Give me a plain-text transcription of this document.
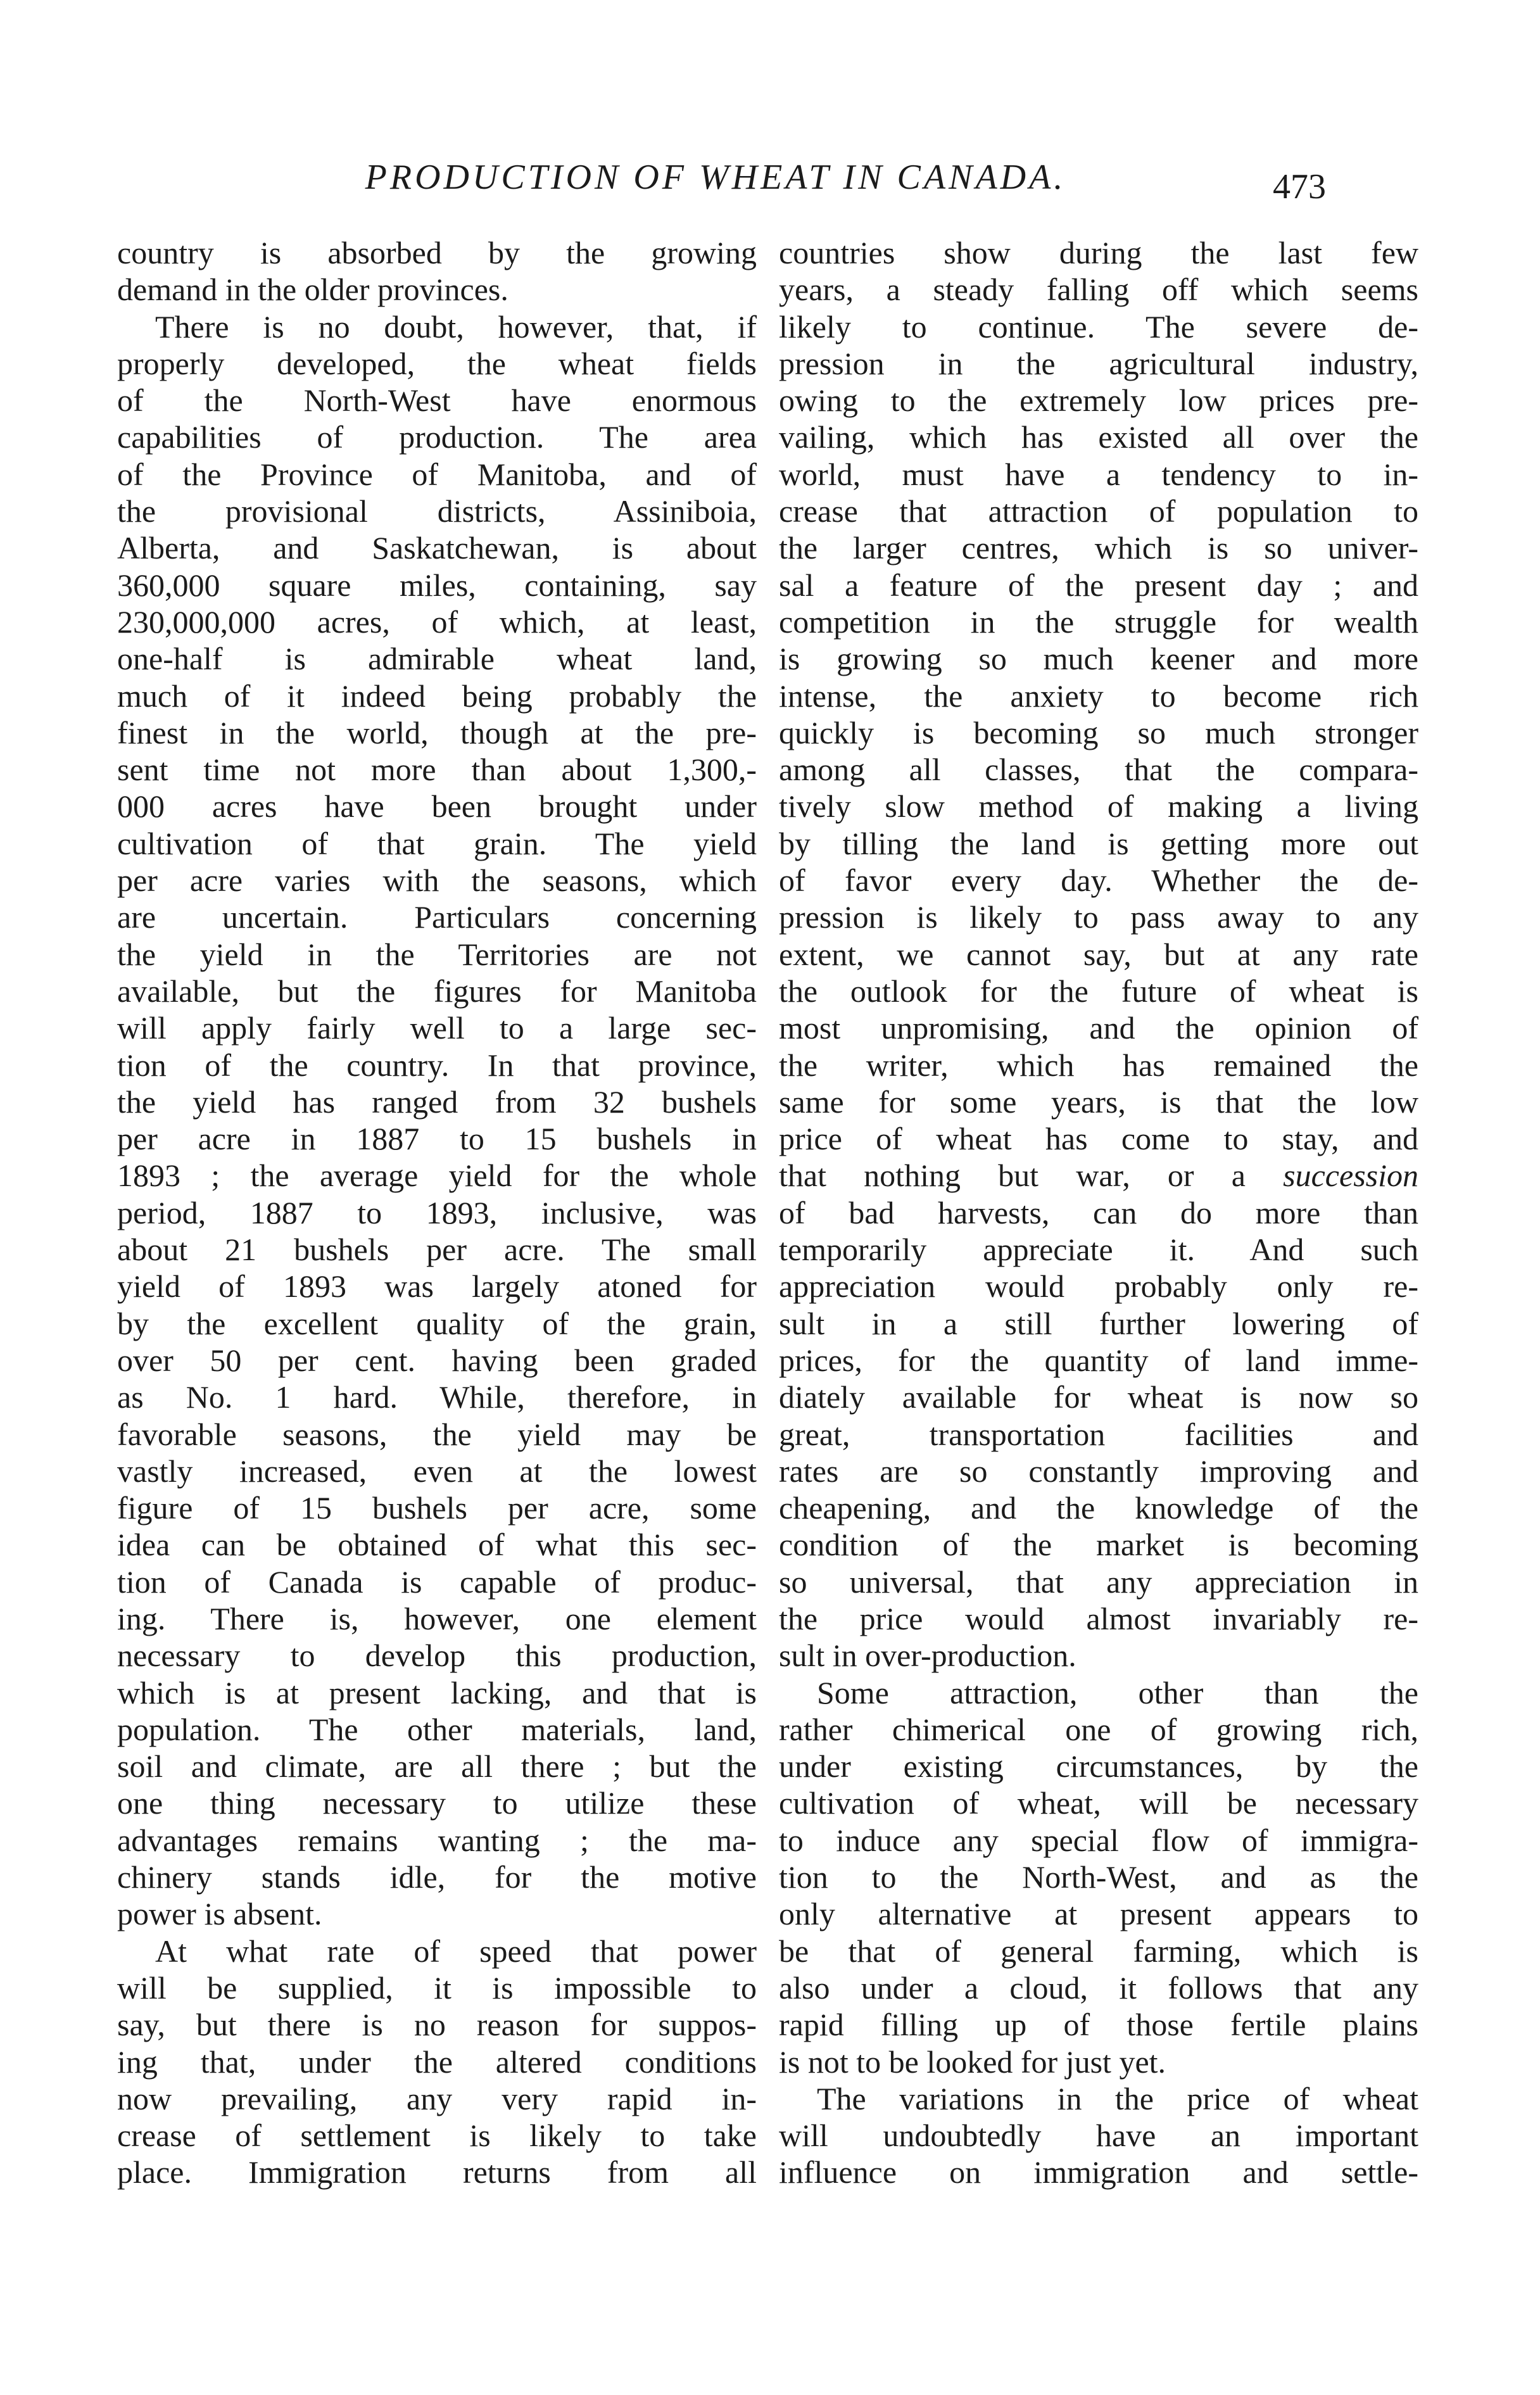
PRODUCTION OF WHEAT IN CANADA.	473
country is absorbed by the growing
demand in the older provinces.
There is no doubt, however, that, if
properly developed, the wheat fields
of the North-West have enormous
capabilities of production. The area
of the Province of Manitoba, and of
the provisional districts, Assiniboia,
Alberta, and Saskatchewan, is about
360,000 square miles, containing, say
230,000,000 acres, of which, at least,
one-half is admirable wheat land,
much of it indeed being probably the
finest in the world, though at the pre-
sent time not more than about 1,300,-
000 acres have been brought under
cultivation of that grain. The yield
per acre varies with the seasons, which
are uncertain. Particulars concerning
the yield in the Territories are not
available, but the figures for Manitoba
will apply fairly well to a large sec-
tion of the country. In that province,
the yield has ranged from 32 bushels
per acre in 1887 to 15 bushels in
1893 ; the average yield for the whole
period, 1887 to 1893, inclusive, was
about 21 bushels per acre. The small
yield of 1893 was largely atoned for
by the excellent quality of the grain,
over 50 per cent. having been graded
as No. 1 hard. While, therefore, in
favorable seasons, the yield may be
vastly increased, even at the lowest
figure of 15 bushels per acre, some
idea can be obtained of what this sec-
tion of Canada is capable of produc-
ing. There is, however, one element
necessary to develop this production,
which is at present lacking, and that is
population. The other materials, land,
soil and climate, are all there ; but the
one thing necessary to utilize these
advantages remains wanting ; the ma-
chinery stands idle, for the motive
power is absent.
At what rate of speed that power
will be supplied, it is impossible to
say, but there is no reason for suppos-
ing that, under the altered conditions
now prevailing, any very rapid in-
crease of settlement is likely to take
place. Immigration returns from all
countries show during the last few
years, a steady falling off which seems
likely to continue. The severe de-
pression in the agricultural industry,
owing to the extremely low prices pre-
vailing, which has existed all over the
world, must have a tendency to in-
crease that attraction of population to
the larger centres, which is so univer-
sal a feature of the present day ; and
competition in the struggle for wealth
is growing so much keener and more
intense, the anxiety to become rich
quickly is becoming so much stronger
among all classes, that the compara-
tively slow method of making a living
by tilling the land is getting more out
of favor every day. Whether the de-
pression is likely to pass away to any
extent, we cannot say, but at any rate
the outlook for the future of wheat is
most unpromising, and the opinion of
the writer, which has remained the
same for some years, is that the low
price of wheat has come to stay, and
that nothing but war, or a succession
of bad harvests, can do more than
temporarily appreciate it. And such
appreciation would probably only re-
sult in a still further lowering of
prices, for the quantity of land imme-
diately available for wheat is now so
great, transportation facilities and
rates are so constantly improving and
cheapening, and the knowledge of the
condition of the market is becoming
so universal, that any appreciation in
the price would almost invariably re-
sult in over-production.
Some attraction, other than the
rather chimerical one of growing rich,
under existing circumstances, by the
cultivation of wheat, will be necessary
to induce any special flow of immigra-
tion to the North-West, and as the
only alternative at present appears to
be that of general farming, which is
also under a cloud, it follows that any
rapid filling up of those fertile plains
is not to be looked for just yet.
The variations in the price of wheat
will undoubtedly have an important
influence on immigration and settle-
